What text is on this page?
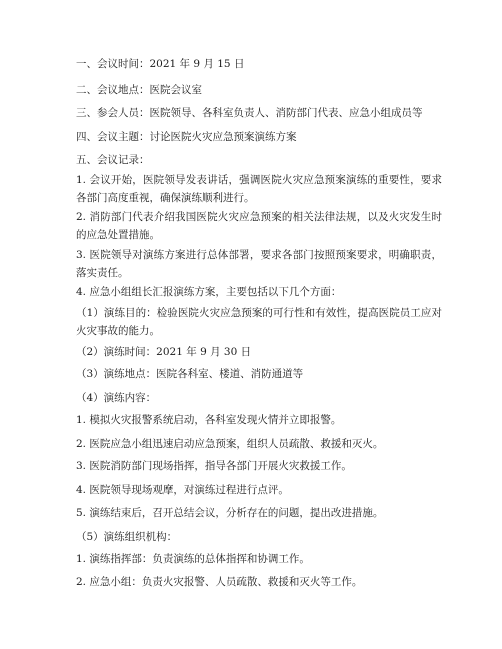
一、会议时间：2021 年 9 月 15 日
二、会议地点：医院会议室
三、参会人员：医院领导、各科室负责人、消防部门代表、应急小组成员等
四、会议主题：讨论医院火灾应急预案演练方案
五、会议记录：
1. 会议开始，医院领导发表讲话，强调医院火灾应急预案演练的重要性，要求各部门高度重视，确保演练顺利进行。
2. 消防部门代表介绍我国医院火灾应急预案的相关法律法规，以及火灾发生时的应急处置措施。
3. 医院领导对演练方案进行总体部署，要求各部门按照预案要求，明确职责，落实责任。
4. 应急小组组长汇报演练方案，主要包括以下几个方面：
（1）演练目的：检验医院火灾应急预案的可行性和有效性，提高医院员工应对火灾事故的能力。
（2）演练时间：2021 年 9 月 30 日
（3）演练地点：医院各科室、楼道、消防通道等
（4）演练内容：
1. 模拟火灾报警系统启动，各科室发现火情并立即报警。
2. 医院应急小组迅速启动应急预案，组织人员疏散、救援和灭火。
3. 医院消防部门现场指挥，指导各部门开展火灾救援工作。
4. 医院领导现场观摩，对演练过程进行点评。
5. 演练结束后，召开总结会议，分析存在的问题，提出改进措施。
（5）演练组织机构：
1. 演练指挥部：负责演练的总体指挥和协调工作。
2. 应急小组：负责火灾报警、人员疏散、救援和灭火等工作。
